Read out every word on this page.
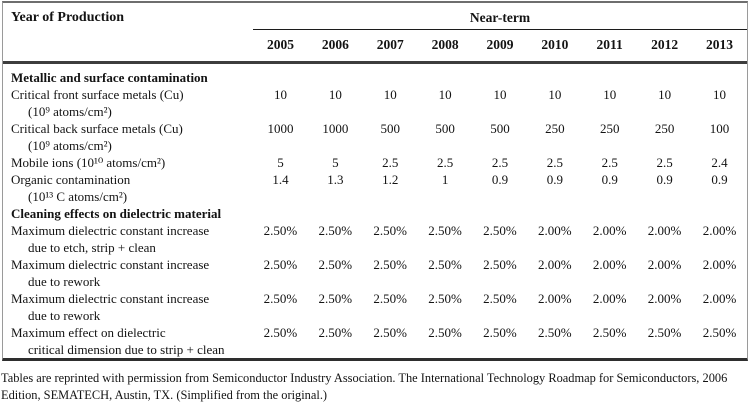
Year of Production	Near-term								
	2005	2006	2007	2008	2009	2010	2011	2012	2013
Metallic and surface contamination									
Critical front surface metals (Cu)	10	10	10	10	10	10	10	10	10
(10⁹ atoms/cm²)									
Critical back surface metals (Cu)	1000	1000	500	500	500	250	250	250	100
(10⁹ atoms/cm²)									
Mobile ions (10¹⁰ atoms/cm²)	5	5	2.5	2.5	2.5	2.5	2.5	2.5	2.4
Organic contamination	1.4	1.3	1.2	1	0.9	0.9	0.9	0.9	0.9
(10¹³ C atoms/cm²)									
Cleaning effects on dielectric material									
Maximum dielectric constant increase	2.50%	2.50%	2.50%	2.50%	2.50%	2.00%	2.00%	2.00%	2.00%
due to etch, strip + clean									
Maximum dielectric constant increase	2.50%	2.50%	2.50%	2.50%	2.50%	2.00%	2.00%	2.00%	2.00%
due to rework									
Maximum dielectric constant increase	2.50%	2.50%	2.50%	2.50%	2.50%	2.00%	2.00%	2.00%	2.00%
due to rework									
Maximum effect on dielectric	2.50%	2.50%	2.50%	2.50%	2.50%	2.50%	2.50%	2.50%	2.50%
critical dimension due to strip + clean									

Tables are reprinted with permission from Semiconductor Industry Association. The International Technology Roadmap for Semiconductors, 2006 Edition, SEMATECH, Austin, TX. (Simplified from the original.)
